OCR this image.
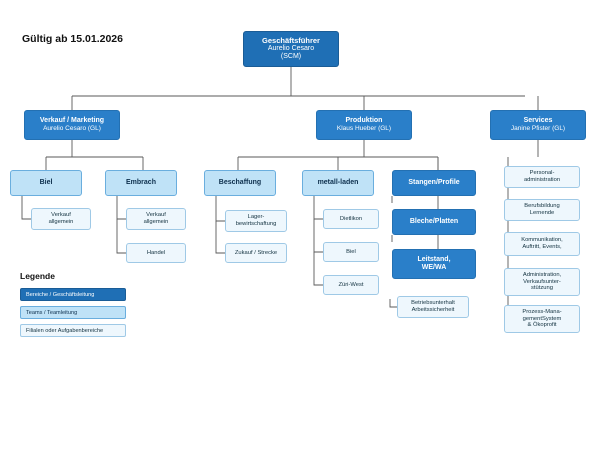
Gültig ab 15.01.2026	Geschäftsführer
Aurelio Cesaro
(SCM)
Verkauf / Marketing
Aurelio Cesaro (GL)
Produktion
Klaus Hueber (GL)
Services
Janine Pfister (GL)
Biel	Embrach	Beschaffung	metall-laden	Stangen/Profile
Bleche/Platten
Leitstand,
WE/WA
Verkauf
allgemein
Verkauf
allgemein
Handel
Lager-
bewirtschaftung
Zukauf / Strecke
Dietlikon
Biel
Züri-West
Betriebsunterhalt
Arbeitssicherheit
Personal-
administration
Berufsbildung
Lernende
Kommunikation,
Auftritt, Events,
Administration,
Verkaufsunter-
stützung
Prozess-Mana-
gementSystem
& Ökoprofit
Legende
Bereiche / Geschäftsleitung
Teams / Teamleitung
Filialen oder Aufgabenbereiche
